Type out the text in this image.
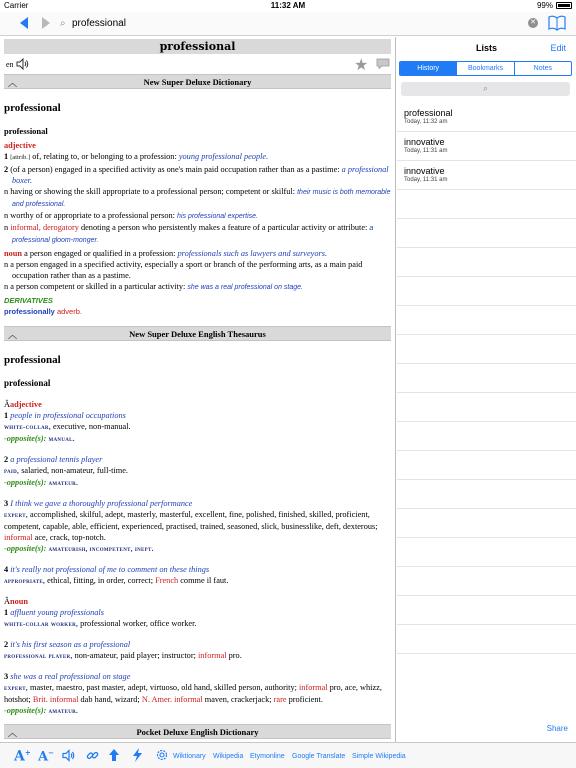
Carrier	11:32 AM	99%
⌕
professional	✕
professional
en	★
︿	New Super Deluxe Dictionary
professional
professional
adjective
1 [attrib.] of, relating to, or belonging to a profession: young professional people.
2 (of a person) engaged in a specified activity as one's main paid occupation rather than as a pastime: a professional boxer.
n having or showing the skill appropriate to a professional person; competent or skilful: their music is both memorable and professional.
n worthy of or appropriate to a professional person: his professional expertise.
n informal, derogatory denoting a person who persistently makes a feature of a particular activity or attribute: a professional gloom-monger.
noun a person engaged or qualified in a profession: professionals such as lawyers and surveyors.
n a person engaged in a specified activity, especially a sport or branch of the performing arts, as a main paid occupation rather than as a pastime.
n a person competent or skilled in a particular activity: she was a real professional on stage.
DERIVATIVES
professionally adverb.
︿	New Super Deluxe English Thesaurus
professional
professional
Âadjective
1 people in professional occupations
white-collar, executive, non-manual.
-opposite(s): manual.
2 a professional tennis player
paid, salaried, non-amateur, full-time.
-opposite(s): amateur.
3 I think we gave a thoroughly professional performance
expert, accomplished, skilful, adept, masterly, masterful, excellent, fine, polished, finished, skilled, proficient, competent, capable, able, efficient, experienced, practised, trained, seasoned, slick, businesslike, deft, dexterous; informal ace, crack, top-notch.
-opposite(s): amateurish, incompetent, inept.
4 it's really not professional of me to comment on these things
appropriate, ethical, fitting, in order, correct; French comme il faut.
Ânoun
1 affluent young professionals
white-collar worker, professional worker, office worker.
2 it's his first season as a professional
professional player, non-amateur, paid player; instructor; informal pro.
3 she was a real professional on stage
expert, master, maestro, past master, adept, virtuoso, old hand, skilled person, authority; informal pro, ace, whizz, hotshot; Brit. informal dab hand, wizard; N. Amer. informal maven, crackerjack; rare proficient.
-opposite(s): amateur.
︿	Pocket Deluxe English Dictionary
Lists	Edit
History	Bookmarks	Notes
⌕
professional
Today, 11:32 am
innovative
Today, 11:31 am
innovative
Today, 11:31 am
Share
A+ A−	Wiktionary Wikipedia Etymonline Google Translate Simple Wikipedia
